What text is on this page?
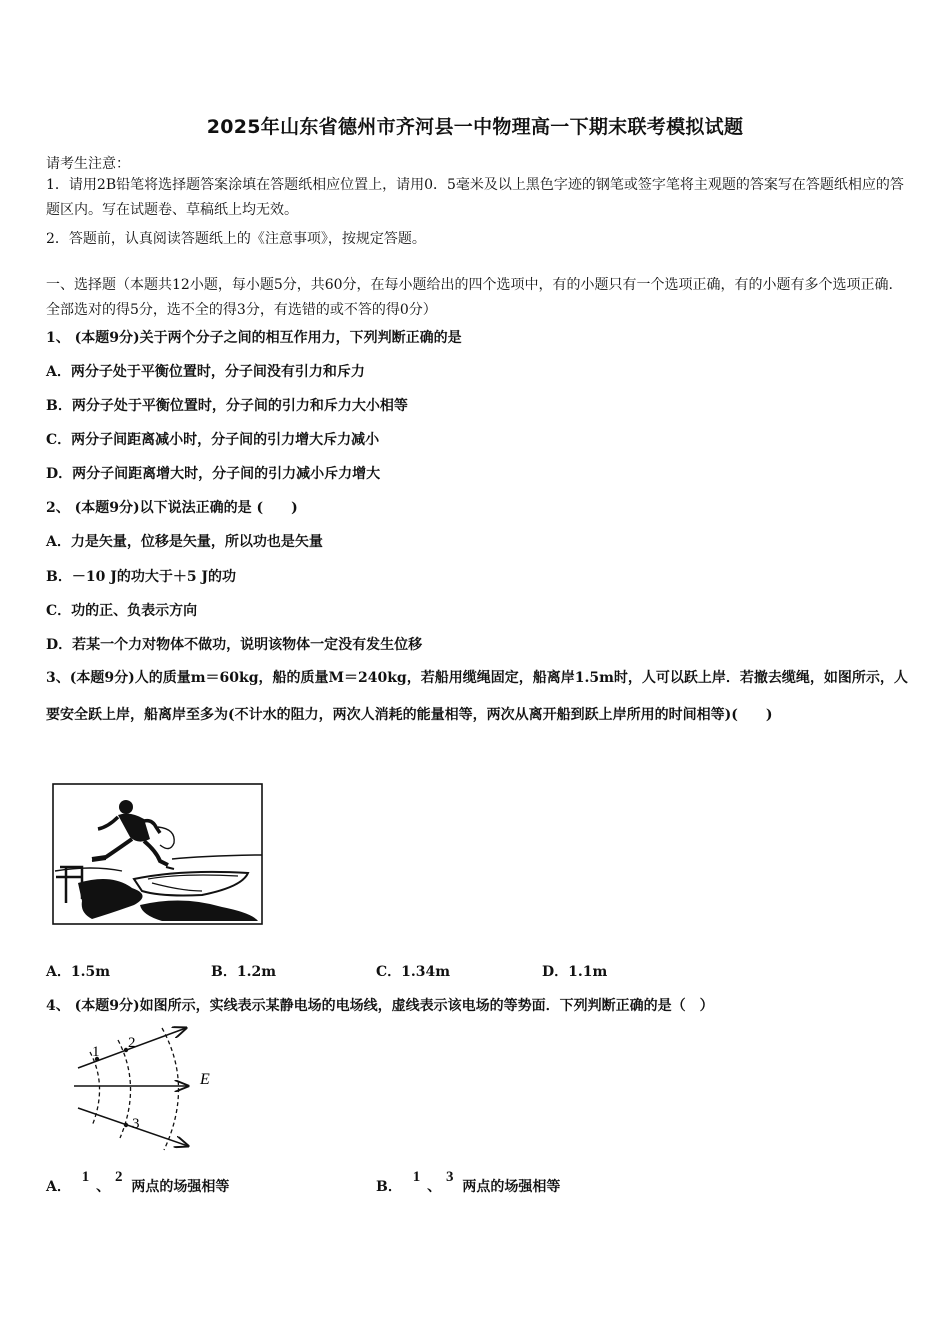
2025年山东省德州市齐河县一中物理高一下期末联考模拟试题
请考生注意：
1．请用2B铅笔将选择题答案涂填在答题纸相应位置上，请用0．5毫米及以上黑色字迹的钢笔或签字笔将主观题的答案写在答题纸相应的答题区内。写在试题卷、草稿纸上均无效。
2．答题前，认真阅读答题纸上的《注意事项》，按规定答题。
一、选择题（本题共12小题，每小题5分，共60分，在每小题给出的四个选项中，有的小题只有一个选项正确，有的小题有多个选项正确.全部选对的得5分，选不全的得3分，有选错的或不答的得0分）
1、 (本题9分)关于两个分子之间的相互作用力，下列判断正确的是
A．两分子处于平衡位置时，分子间没有引力和斥力
B．两分子处于平衡位置时，分子间的引力和斥力大小相等
C．两分子间距离减小时，分子间的引力增大斥力减小
D．两分子间距离增大时，分子间的引力减小斥力增大
2、 (本题9分)以下说法正确的是 (　　)
A．力是矢量，位移是矢量，所以功也是矢量
B．－10 J的功大于＋5 J的功
C．功的正、负表示方向
D．若某一个力对物体不做功，说明该物体一定没有发生位移
3、(本题9分)人的质量m＝60kg，船的质量M＝240kg，若船用缆绳固定，船离岸1.5m时，人可以跃上岸．若撤去缆绳，如图所示，人要安全跃上岸，船离岸至多为(不计水的阻力，两次人消耗的能量相等，两次从离开船到跃上岸所用的时间相等)(　　)
A．1.5m	B．1.2m	C．1.34m	D．1.1m
4、 (本题9分)如图所示，实线表示某静电场的电场线，虚线表示该电场的等势面．下列判断正确的是（　）
1
2
3
E
A． 1 、 2 两点的场强相等	B． 1 、 3 两点的场强相等
